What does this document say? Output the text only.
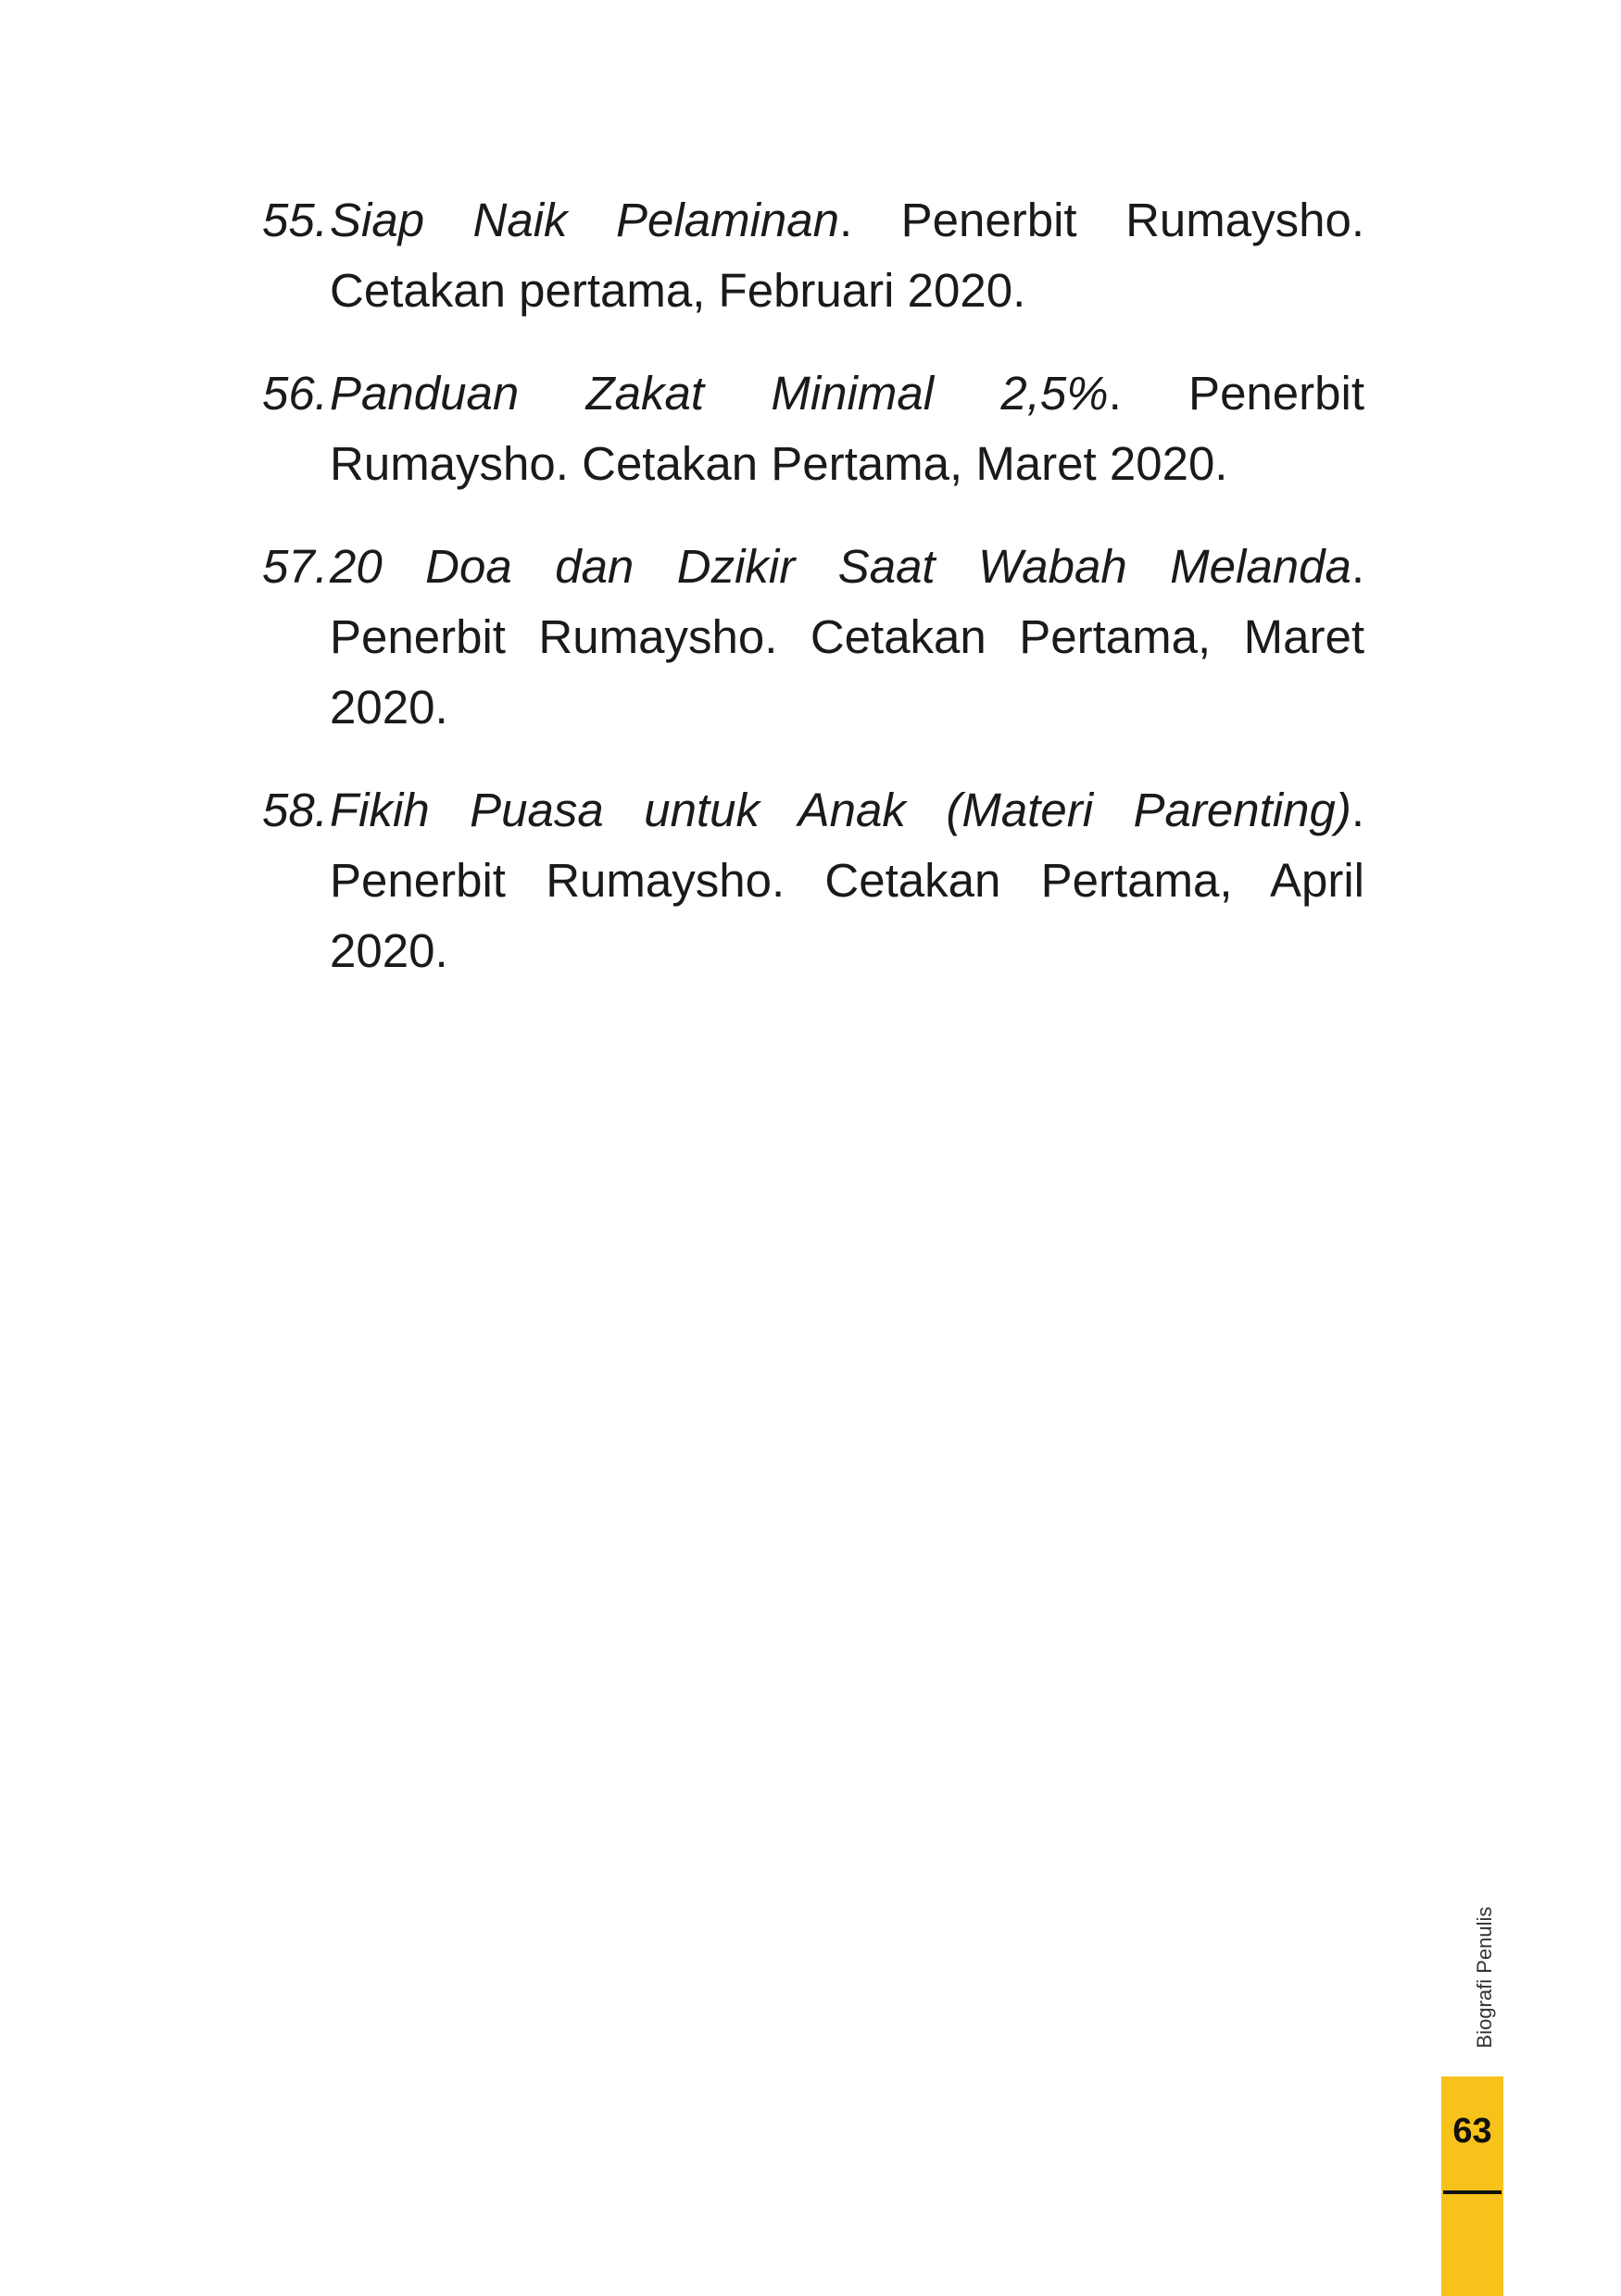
55. Siap Naik Pelaminan. Penerbit Rumaysho. Cetakan pertama, Februari 2020.
56. Panduan Zakat Minimal 2,5%. Penerbit Rumaysho. Cetakan Pertama, Maret 2020.
57. 20 Doa dan Dzikir Saat Wabah Melanda. Penerbit Rumaysho. Cetakan Pertama, Maret 2020.
58. Fikih Puasa untuk Anak (Materi Parenting). Penerbit Rumaysho. Cetakan Pertama, April 2020.
Biografi Penulis
63
